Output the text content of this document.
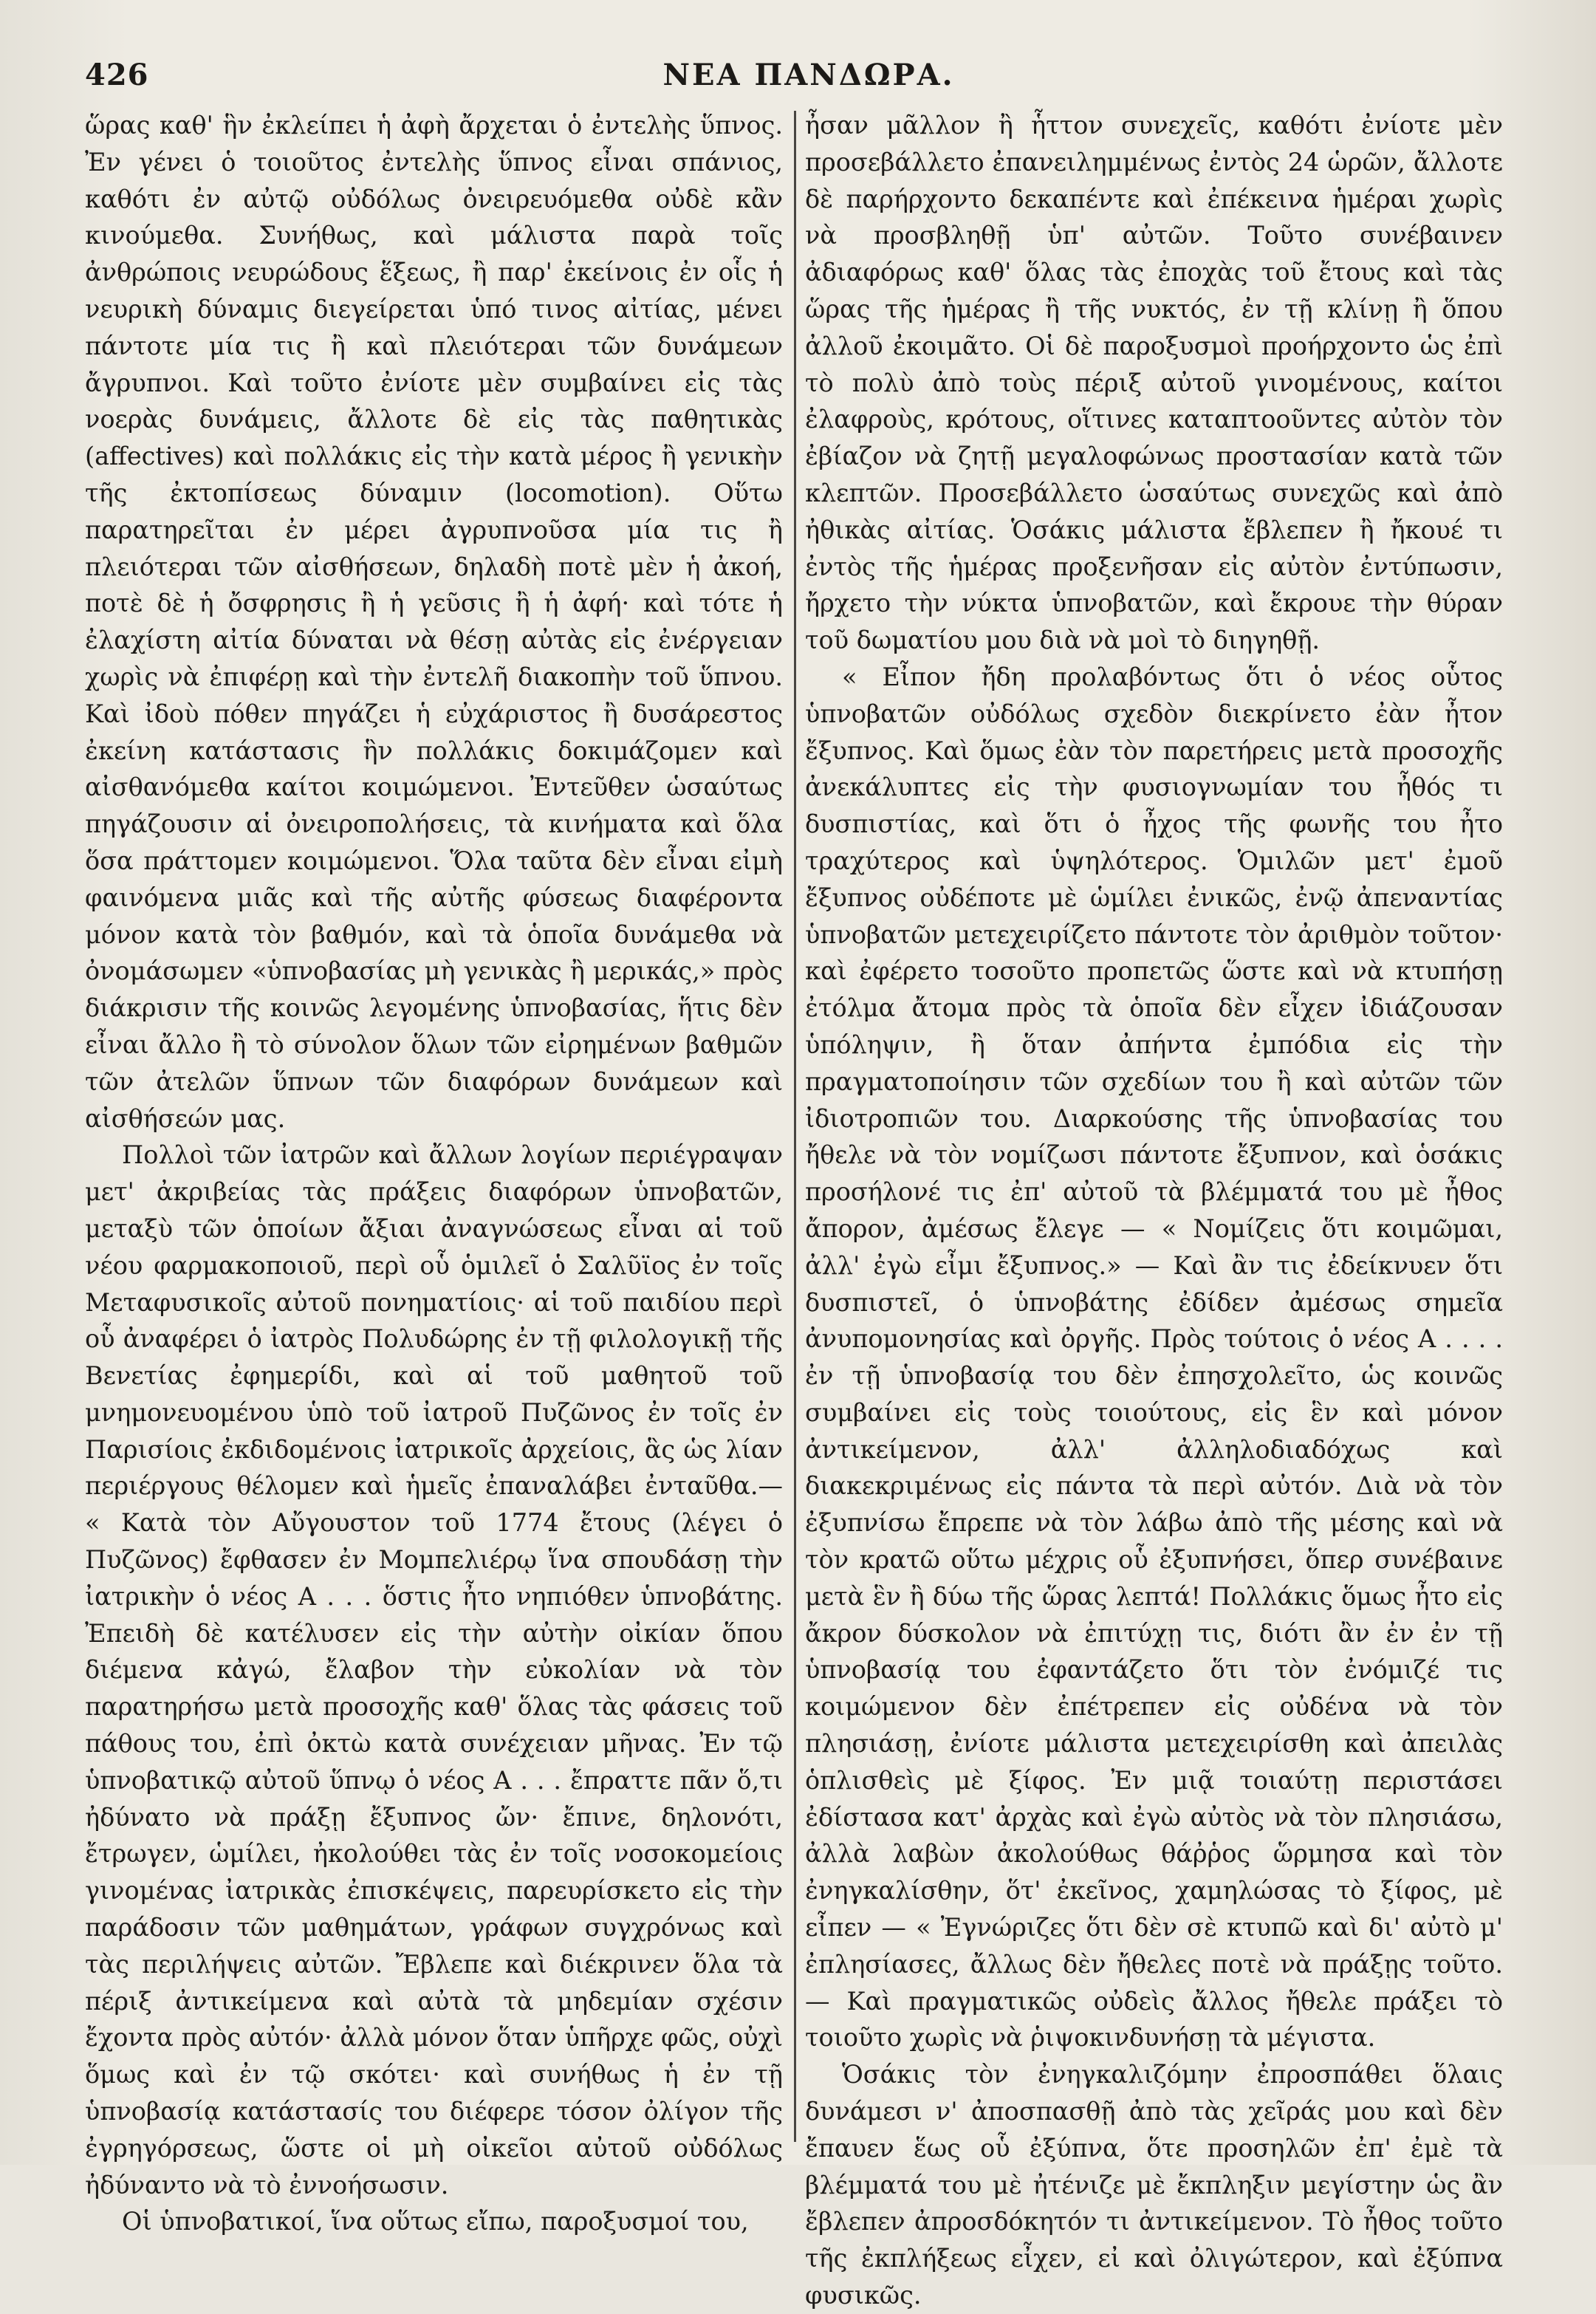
426	ΝΕΑ ΠΑΝΔΩΡΑ.

ὥρας καθ' ἣν ἐκλείπει ἡ ἀφὴ ἄρχεται ὁ ἐντελὴς ὕπνος. Ἐν γένει ὁ τοιοῦτος ἐντελὴς ὕπνος εἶναι σπάνιος, καθότι ἐν αὐτῷ οὐδόλως ὀνειρευόμεθα οὐδὲ κἂν κινούμεθα. Συνήθως, καὶ μάλιστα παρὰ τοῖς ἀνθρώποις νευρώδους ἕξεως, ἢ παρ' ἐκείνοις ἐν οἷς ἡ νευρικὴ δύναμις διεγείρεται ὑπό τινος αἰτίας, μένει πάντοτε μία τις ἢ καὶ πλειότεραι τῶν δυνάμεων ἄγρυπνοι. Καὶ τοῦτο ἐνίοτε μὲν συμβαίνει εἰς τὰς νοερὰς δυνάμεις, ἄλλοτε δὲ εἰς τὰς παθητικὰς (affectives) καὶ πολλάκις εἰς τὴν κατὰ μέρος ἢ γενικὴν τῆς ἐκτοπίσεως δύναμιν (locomotion). Οὕτω παρατηρεῖται ἐν μέρει ἀγρυπνοῦσα μία τις ἢ πλειότεραι τῶν αἰσθήσεων, δηλαδὴ ποτὲ μὲν ἡ ἀκοή, ποτὲ δὲ ἡ ὄσφρησις ἢ ἡ γεῦσις ἢ ἡ ἀφή· καὶ τότε ἡ ἐλαχίστη αἰτία δύναται νὰ θέσῃ αὐτὰς εἰς ἐνέργειαν χωρὶς νὰ ἐπιφέρῃ καὶ τὴν ἐντελῆ διακοπὴν τοῦ ὕπνου. Καὶ ἰδοὺ πόθεν πηγάζει ἡ εὐχάριστος ἢ δυσάρεστος ἐκείνη κατάστασις ἣν πολλάκις δοκιμάζομεν καὶ αἰσθανόμεθα καίτοι κοιμώμενοι. Ἐντεῦθεν ὡσαύτως πηγάζουσιν αἱ ὀνειροπολήσεις, τὰ κινήματα καὶ ὅλα ὅσα πράττομεν κοιμώμενοι. Ὅλα ταῦτα δὲν εἶναι εἰμὴ φαινόμενα μιᾶς καὶ τῆς αὐτῆς φύσεως διαφέροντα μόνον κατὰ τὸν βαθμόν, καὶ τὰ ὁποῖα δυνάμεθα νὰ ὀνομάσωμεν «ὑπνοβασίας μὴ γενικὰς ἢ μερικάς,» πρὸς διάκρισιν τῆς κοινῶς λεγομένης ὑπνοβασίας, ἥτις δὲν εἶναι ἄλλο ἢ τὸ σύνολον ὅλων τῶν εἰρημένων βαθμῶν τῶν ἀτελῶν ὕπνων τῶν διαφόρων δυνάμεων καὶ αἰσθήσεών μας.

Πολλοὶ τῶν ἰατρῶν καὶ ἄλλων λογίων περιέγραψαν μετ' ἀκριβείας τὰς πράξεις διαφόρων ὑπνοβατῶν, μεταξὺ τῶν ὁποίων ἄξιαι ἀναγνώσεως εἶναι αἱ τοῦ νέου φαρμακοποιοῦ, περὶ οὗ ὁμιλεῖ ὁ Σαλῦϊος ἐν τοῖς Μεταφυσικοῖς αὐτοῦ πονηματίοις· αἱ τοῦ παιδίου περὶ οὗ ἀναφέρει ὁ ἰατρὸς Πολυδώρης ἐν τῇ φιλολογικῇ τῆς Βενετίας ἐφημερίδι, καὶ αἱ τοῦ μαθητοῦ τοῦ μνημονευομένου ὑπὸ τοῦ ἰατροῦ Πυζῶνος ἐν τοῖς ἐν Παρισίοις ἐκδιδομένοις ἰατρικοῖς ἀρχείοις, ἃς ὡς λίαν περιέργους θέλομεν καὶ ἡμεῖς ἐπαναλάβει ἐνταῦθα.— « Κατὰ τὸν Αὔγουστον τοῦ 1774 ἔτους (λέγει ὁ Πυζῶνος) ἔφθασεν ἐν Μομπελιέρῳ ἵνα σπουδάσῃ τὴν ἰατρικὴν ὁ νέος Α . . . ὅστις ἦτο νηπιόθεν ὑπνοβάτης. Ἐπειδὴ δὲ κατέλυσεν εἰς τὴν αὐτὴν οἰκίαν ὅπου διέμενα κἀγώ, ἔλαβον τὴν εὐκολίαν νὰ τὸν παρατηρήσω μετὰ προσοχῆς καθ' ὅλας τὰς φάσεις τοῦ πάθους του, ἐπὶ ὀκτὼ κατὰ συνέχειαν μῆνας. Ἐν τῷ ὑπνοβατικῷ αὐτοῦ ὕπνῳ ὁ νέος Α . . . ἔπραττε πᾶν ὅ,τι ἠδύνατο νὰ πράξῃ ἔξυπνος ὤν· ἔπινε, δηλονότι, ἔτρωγεν, ὡμίλει, ἠκολούθει τὰς ἐν τοῖς νοσοκομείοις γινομένας ἰατρικὰς ἐπισκέψεις, παρευρίσκετο εἰς τὴν παράδοσιν τῶν μαθημάτων, γράφων συγχρόνως καὶ τὰς περιλήψεις αὐτῶν. Ἔβλεπε καὶ διέκρινεν ὅλα τὰ πέριξ ἀντικείμενα καὶ αὐτὰ τὰ μηδεμίαν σχέσιν ἔχοντα πρὸς αὐτόν· ἀλλὰ μόνον ὅταν ὑπῆρχε φῶς, οὐχὶ ὅμως καὶ ἐν τῷ σκότει· καὶ συνήθως ἡ ἐν τῇ ὑπνοβασίᾳ κατάστασίς του διέφερε τόσον ὀλίγον τῆς ἐγρηγόρσεως, ὥστε οἱ μὴ οἰκεῖοι αὐτοῦ οὐδόλως ἠδύναντο νὰ τὸ ἐννοήσωσιν.

Οἱ ὑπνοβατικοί, ἵνα οὕτως εἴπω, παροξυσμοί του,

ἦσαν μᾶλλον ἢ ἧττον συνεχεῖς, καθότι ἐνίοτε μὲν προσεβάλλετο ἐπανειλημμένως ἐντὸς 24 ὡρῶν, ἄλλοτε δὲ παρήρχοντο δεκαπέντε καὶ ἐπέκεινα ἡμέραι χωρὶς νὰ προσβληθῇ ὑπ' αὐτῶν. Τοῦτο συνέβαινεν ἀδιαφόρως καθ' ὅλας τὰς ἐποχὰς τοῦ ἔτους καὶ τὰς ὥρας τῆς ἡμέρας ἢ τῆς νυκτός, ἐν τῇ κλίνῃ ἢ ὅπου ἀλλοῦ ἐκοιμᾶτο. Οἱ δὲ παροξυσμοὶ προήρχοντο ὡς ἐπὶ τὸ πολὺ ἀπὸ τοὺς πέριξ αὐτοῦ γινομένους, καίτοι ἐλαφροὺς, κρότους, οἵτινες καταπτοοῦντες αὐτὸν τὸν ἐβίαζον νὰ ζητῇ μεγαλοφώνως προστασίαν κατὰ τῶν κλεπτῶν. Προσεβάλλετο ὡσαύτως συνεχῶς καὶ ἀπὸ ἠθικὰς αἰτίας. Ὁσάκις μάλιστα ἔβλεπεν ἢ ἤκουέ τι ἐντὸς τῆς ἡμέρας προξενῆσαν εἰς αὐτὸν ἐντύπωσιν, ἤρχετο τὴν νύκτα ὑπνοβατῶν, καὶ ἔκρουε τὴν θύραν τοῦ δωματίου μου διὰ νὰ μοὶ τὸ διηγηθῇ.

« Εἶπον ἤδη προλαβόντως ὅτι ὁ νέος οὗτος ὑπνοβατῶν οὐδόλως σχεδὸν διεκρίνετο ἐὰν ἦτον ἔξυπνος. Καὶ ὅμως ἐὰν τὸν παρετήρεις μετὰ προσοχῆς ἀνεκάλυπτες εἰς τὴν φυσιογνωμίαν του ἦθός τι δυσπιστίας, καὶ ὅτι ὁ ἦχος τῆς φωνῆς του ἦτο τραχύτερος καὶ ὑψηλότερος. Ὁμιλῶν μετ' ἐμοῦ ἔξυπνος οὐδέποτε μὲ ὡμίλει ἐνικῶς, ἐνῷ ἀπεναντίας ὑπνοβατῶν μετεχειρίζετο πάντοτε τὸν ἀριθμὸν τοῦτον· καὶ ἐφέρετο τοσοῦτο προπετῶς ὥστε καὶ νὰ κτυπήσῃ ἐτόλμα ἄτομα πρὸς τὰ ὁποῖα δὲν εἶχεν ἰδιάζουσαν ὑπόληψιν, ἢ ὅταν ἀπήντα ἐμπόδια εἰς τὴν πραγματοποίησιν τῶν σχεδίων του ἢ καὶ αὐτῶν τῶν ἰδιοτροπιῶν του. Διαρκούσης τῆς ὑπνοβασίας του ἤθελε νὰ τὸν νομίζωσι πάντοτε ἔξυπνον, καὶ ὁσάκις προσήλονέ τις ἐπ' αὐτοῦ τὰ βλέμματά του μὲ ἦθος ἄπορον, ἀμέσως ἔλεγε — « Νομίζεις ὅτι κοιμῶμαι, ἀλλ' ἐγὼ εἶμι ἔξυπνος.» — Καὶ ἂν τις ἐδείκνυεν ὅτι δυσπιστεῖ, ὁ ὑπνοβάτης ἐδίδεν ἀμέσως σημεῖα ἀνυπομονησίας καὶ ὀργῆς. Πρὸς τούτοις ὁ νέος Α . . . . ἐν τῇ ὑπνοβασίᾳ του δὲν ἐπησχολεῖτο, ὡς κοινῶς συμβαίνει εἰς τοὺς τοιούτους, εἰς ἓν καὶ μόνον ἀντικείμενον, ἀλλ' ἀλληλοδιαδόχως καὶ διακεκριμένως εἰς πάντα τὰ περὶ αὐτόν. Διὰ νὰ τὸν ἐξυπνίσω ἔπρεπε νὰ τὸν λάβω ἀπὸ τῆς μέσης καὶ νὰ τὸν κρατῶ οὕτω μέχρις οὗ ἐξυπνήσει, ὅπερ συνέβαινε μετὰ ἓν ἢ δύω τῆς ὥρας λεπτά! Πολλάκις ὅμως ἦτο εἰς ἄκρον δύσκολον νὰ ἐπιτύχῃ τις, διότι ἂν ἐν ἐν τῇ ὑπνοβασίᾳ του ἐφαντάζετο ὅτι τὸν ἐνόμιζέ τις κοιμώμενον δὲν ἐπέτρεπεν εἰς οὐδένα νὰ τὸν πλησιάσῃ, ἐνίοτε μάλιστα μετεχειρίσθη καὶ ἀπειλὰς ὁπλισθεὶς μὲ ξίφος. Ἐν μιᾷ τοιαύτῃ περιστάσει ἐδίστασα κατ' ἀρχὰς καὶ ἐγὼ αὐτὸς νὰ τὸν πλησιάσω, ἀλλὰ λαβὼν ἀκολούθως θάῤῥος ὥρμησα καὶ τὸν ἐνηγκαλίσθην, ὅτ' ἐκεῖνος, χαμηλώσας τὸ ξίφος, μὲ εἶπεν — « Ἐγνώριζες ὅτι δὲν σὲ κτυπῶ καὶ δι' αὐτὸ μ' ἐπλησίασες, ἄλλως δὲν ἤθελες ποτὲ νὰ πράξῃς τοῦτο. — Καὶ πραγματικῶς οὐδεὶς ἄλλος ἤθελε πράξει τὸ τοιοῦτο χωρὶς νὰ ῥιψοκινδυνήσῃ τὰ μέγιστα.

Ὁσάκις τὸν ἐνηγκαλιζόμην ἐπροσπάθει ὅλαις δυνάμεσι ν' ἀποσπασθῇ ἀπὸ τὰς χεῖράς μου καὶ δὲν ἔπαυεν ἕως οὗ ἐξύπνα, ὅτε προσηλῶν ἐπ' ἐμὲ τὰ βλέμματά του μὲ ἠτένιζε μὲ ἔκπληξιν μεγίστην ὡς ἂν ἔβλεπεν ἀπροσδόκητόν τι ἀντικείμενον. Τὸ ἦθος τοῦτο τῆς ἐκπλήξεως εἶχεν, εἰ καὶ ὀλιγώτερον, καὶ ἐξύπνα φυσικῶς.
